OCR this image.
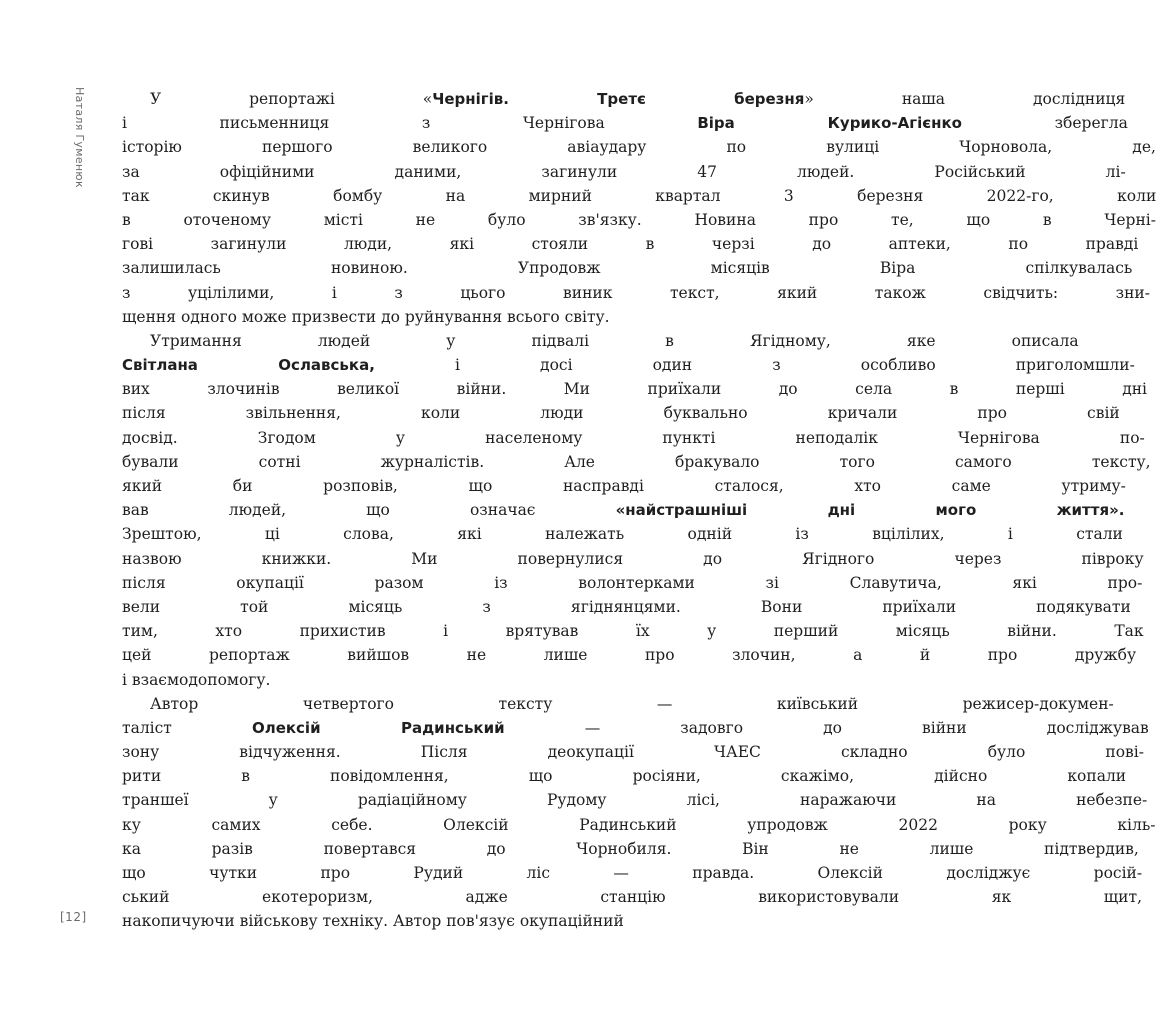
Наталя Гуменюк
[12]
У репортажі «Чернігів. Третє березня» наша дослідниця
і письменниця з Чернігова Віра Курико-Агієнко зберегла
історію першого великого авіаудару по вулиці Чорновола, де,
за офіційними даними, загинули 47 людей. Російський лі-
так скинув бомбу на мирний квартал 3 березня 2022-го, коли
в оточеному місті не було зв'язку. Новина про те, що в Черні-
гові загинули люди, які стояли в черзі до аптеки, по правді
залишилась новиною. Упродовж місяців Віра спілкувалась
з уцілілими, і з цього виник текст, який також свідчить: зни-
щення одного може призвести до руйнування всього світу.
Утримання людей у підвалі в Ягідному, яке описала
Світлана Ославська, і досі один з особливо приголомшли-
вих злочинів великої війни. Ми приїхали до села в перші дні
після звільнення, коли люди буквально кричали про свій
досвід. Згодом у населеному пункті неподалік Чернігова по-
бували сотні журналістів. Але бракувало того самого тексту,
який би розповів, що насправді сталося, хто саме утриму-
вав людей, що означає «найстрашніші дні мого життя».
Зрештою, ці слова, які належать одній із вцілілих, і стали
назвою книжки. Ми повернулися до Ягідного через півроку
після окупації разом із волонтерками зі Славутича, які про-
вели той місяць з ягіднянцями. Вони приїхали подякувати
тим, хто прихистив і врятував їх у перший місяць війни. Так
цей репортаж вийшов не лише про злочин, а й про дружбу
і взаємодопомогу.
Автор четвертого тексту — київський режисер-докумен-
таліст Олексій Радинський — задовго до війни досліджував
зону відчуження. Після деокупації ЧАЕС складно було пові-
рити в повідомлення, що росіяни, скажімо, дійсно копали
траншеї у радіаційному Рудому лісі, наражаючи на небезпе-
ку самих себе. Олексій Радинський упродовж 2022 року кіль-
ка разів повертався до Чорнобиля. Він не лише підтвердив,
що чутки про Рудий ліс — правда. Олексій досліджує росій-
ський екотероризм, адже станцію використовували як щит,
накопичуючи військову техніку. Автор пов'язує окупаційний
